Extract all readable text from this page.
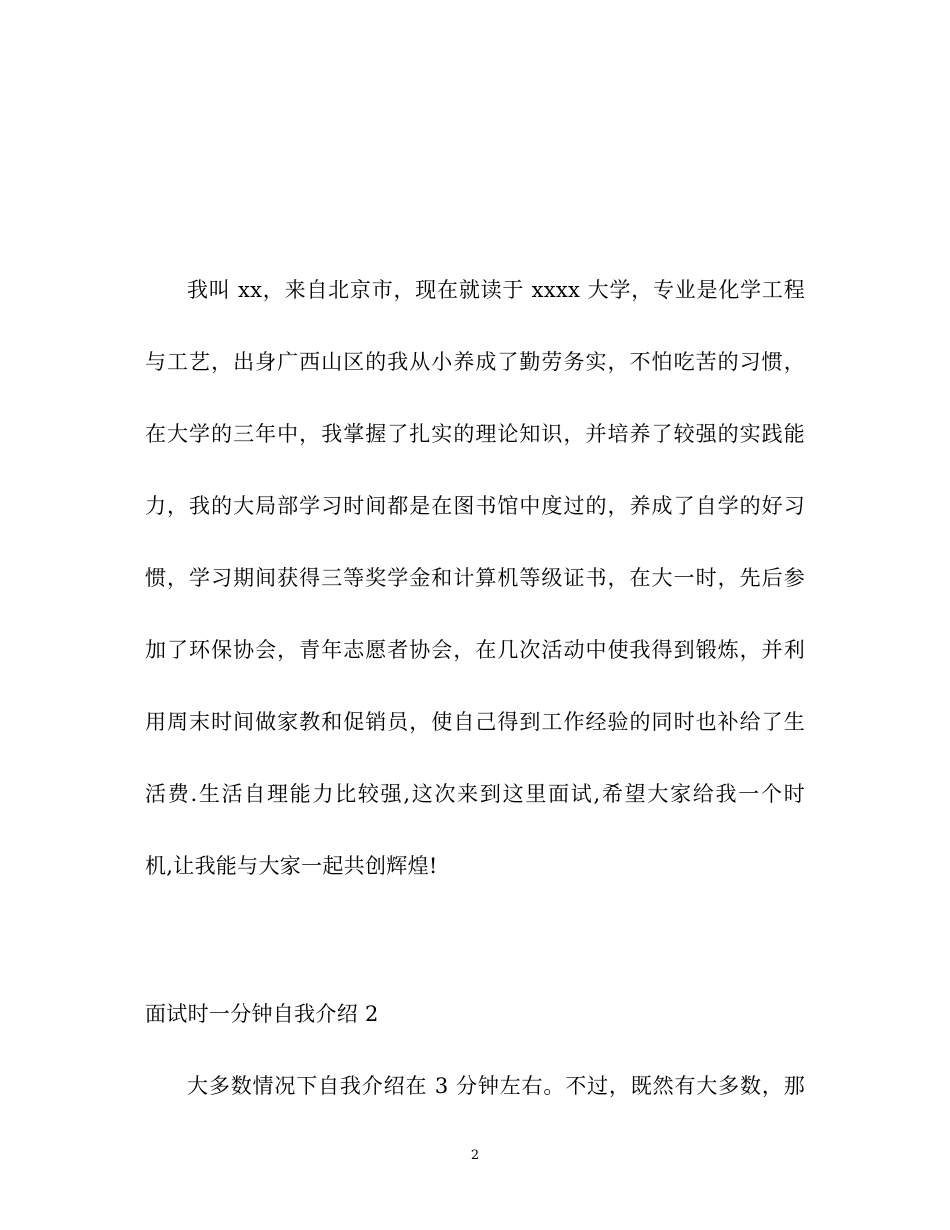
我叫 xx，来自北京市，现在就读于 xxxx 大学，专业是化学工程
与工艺，出身广西山区的我从小养成了勤劳务实，不怕吃苦的习惯，
在大学的三年中，我掌握了扎实的理论知识，并培养了较强的实践能
力，我的大局部学习时间都是在图书馆中度过的，养成了自学的好习
惯，学习期间获得三等奖学金和计算机等级证书，在大一时，先后参
加了环保协会，青年志愿者协会，在几次活动中使我得到锻炼，并利
用周末时间做家教和促销员，使自己得到工作经验的同时也补给了生
活费.生活自理能力比较强,这次来到这里面试,希望大家给我一个时
机,让我能与大家一起共创辉煌!
面试时一分钟自我介绍 2
大多数情况下自我介绍在 3 分钟左右。不过，既然有大多数，那
2
